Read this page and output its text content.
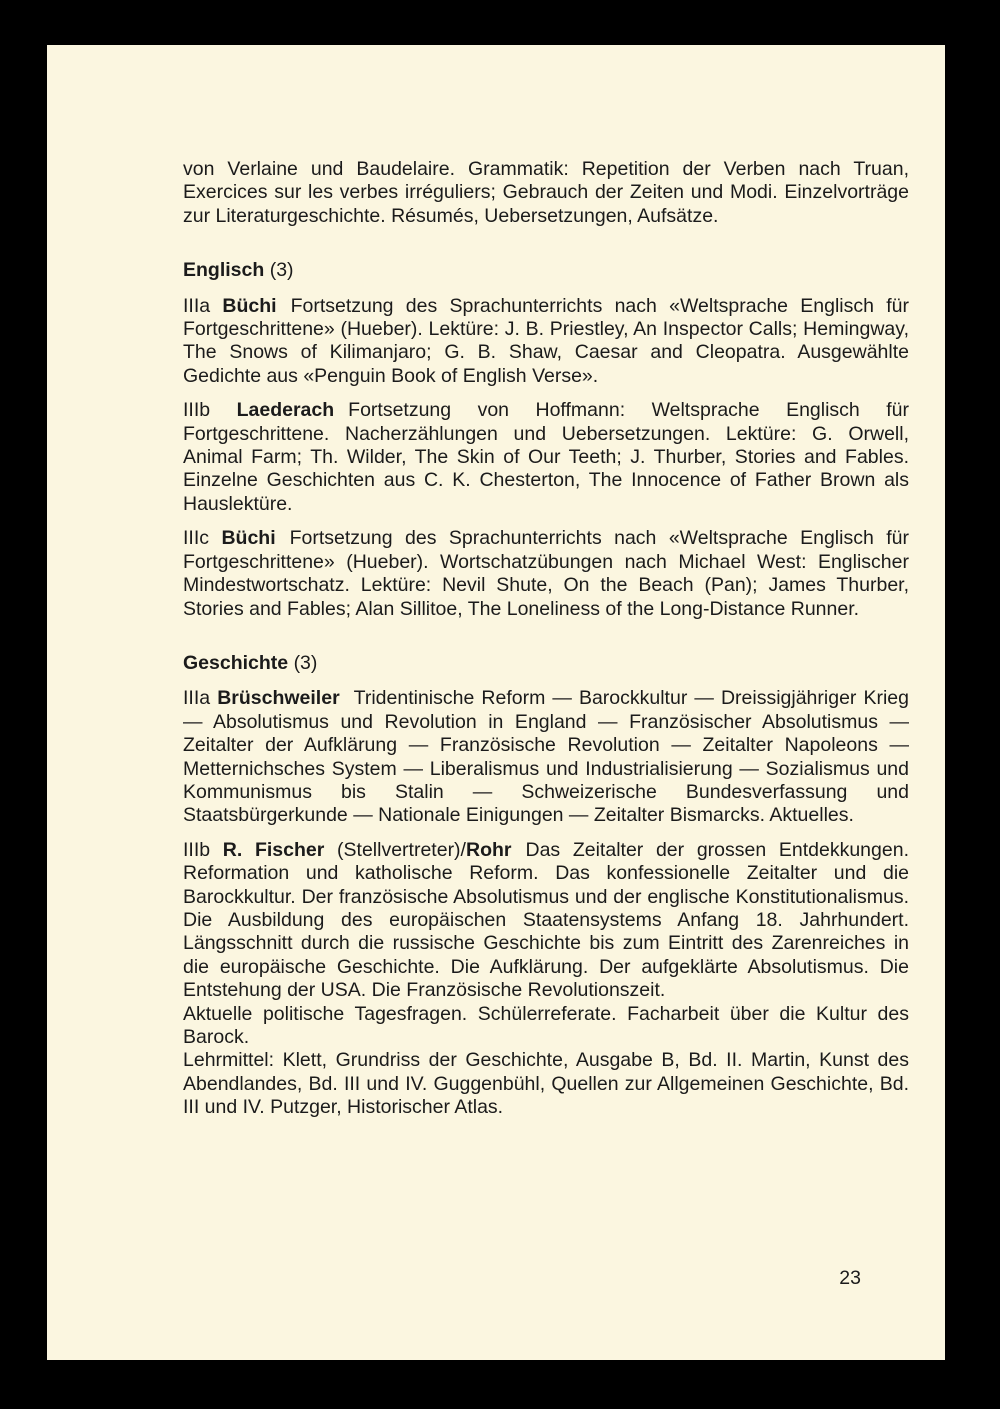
von Verlaine und Baudelaire. Grammatik: Repetition der Verben nach Truan, Exercices sur les verbes irréguliers; Gebrauch der Zeiten und Modi. Einzelvorträge zur Literaturgeschichte. Résumés, Uebersetzungen, Aufsätze.

Englisch (3)

IIIa Büchi Fortsetzung des Sprachunterrichts nach «Weltsprache Englisch für Fortgeschrittene» (Hueber). Lektüre: J. B. Priestley, An Inspector Calls; Hemingway, The Snows of Kilimanjaro; G. B. Shaw, Caesar and Cleopatra. Ausgewählte Gedichte aus «Penguin Book of English Verse».

IIIb Laederach Fortsetzung von Hoffmann: Weltsprache Englisch für Fortgeschrittene. Nacherzählungen und Uebersetzungen. Lektüre: G. Orwell, Animal Farm; Th. Wilder, The Skin of Our Teeth; J. Thurber, Stories and Fables. Einzelne Geschichten aus C. K. Chesterton, The Innocence of Father Brown als Hauslektüre.

IIIc Büchi Fortsetzung des Sprachunterrichts nach «Weltsprache Englisch für Fortgeschrittene» (Hueber). Wortschatzübungen nach Michael West: Englischer Mindestwortschatz. Lektüre: Nevil Shute, On the Beach (Pan); James Thurber, Stories and Fables; Alan Sillitoe, The Loneliness of the Long-Distance Runner.

Geschichte (3)

IIIa Brüschweiler Tridentinische Reform — Barockkultur — Dreissigjähriger Krieg — Absolutismus und Revolution in England — Französischer Absolutismus — Zeitalter der Aufklärung — Französische Revolution — Zeitalter Napoleons — Metternichsches System — Liberalismus und Industrialisierung — Sozialismus und Kommunismus bis Stalin — Schweizerische Bundesverfassung und Staatsbürgerkunde — Nationale Einigungen — Zeitalter Bismarcks. Aktuelles.

IIIb R. Fischer (Stellvertreter)/Rohr Das Zeitalter der grossen Entdekkungen. Reformation und katholische Reform. Das konfessionelle Zeitalter und die Barockkultur. Der französische Absolutismus und der englische Konstitutionalismus. Die Ausbildung des europäischen Staatensystems Anfang 18. Jahrhundert. Längsschnitt durch die russische Geschichte bis zum Eintritt des Zarenreiches in die europäische Geschichte. Die Aufklärung. Der aufgeklärte Absolutismus. Die Entstehung der USA. Die Französische Revolutionszeit.

Aktuelle politische Tagesfragen. Schülerreferate. Facharbeit über die Kultur des Barock.

Lehrmittel: Klett, Grundriss der Geschichte, Ausgabe B, Bd. II. Martin, Kunst des Abendlandes, Bd. III und IV. Guggenbühl, Quellen zur Allgemeinen Geschichte, Bd. III und IV. Putzger, Historischer Atlas.

23
